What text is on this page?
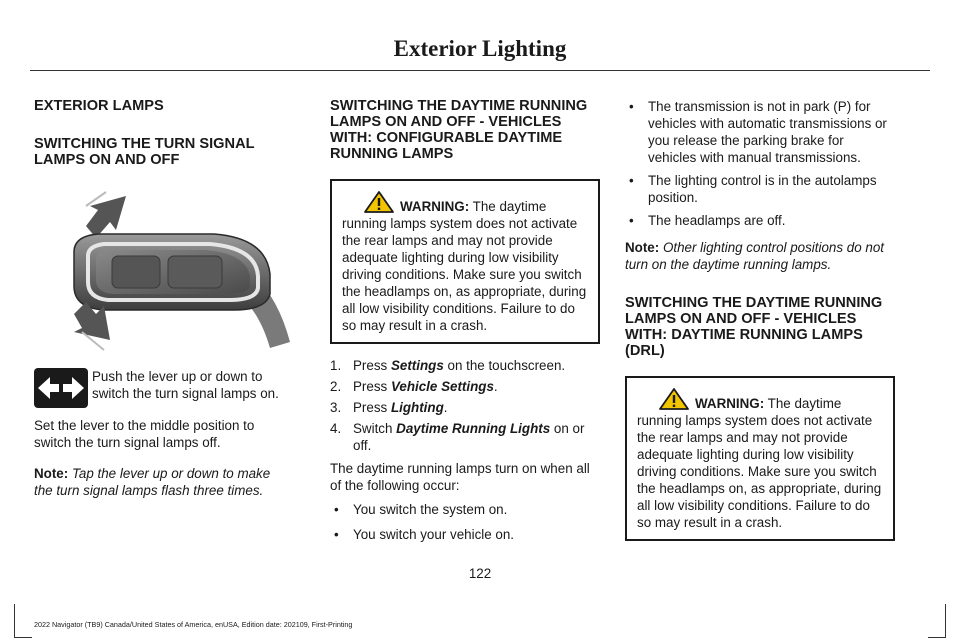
Exterior Lighting
EXTERIOR LAMPS
SWITCHING THE TURN SIGNAL LAMPS ON AND OFF

Push the lever up or down to switch the turn signal lamps on.

Set the lever to the middle position to switch the turn signal lamps off.

Note: Tap the lever up or down to make the turn signal lamps flash three times.

SWITCHING THE DAYTIME RUNNING LAMPS ON AND OFF - VEHICLES WITH: CONFIGURABLE DAYTIME RUNNING LAMPS
WARNING: The daytime running lamps system does not activate the rear lamps and may not provide adequate lighting during low visibility driving conditions. Make sure you switch the headlamps on, as appropriate, during all low visibility conditions. Failure to do so may result in a crash.
1. Press Settings on the touchscreen.
2. Press Vehicle Settings.
3. Press Lighting.
4. Switch Daytime Running Lights on or off.

The daytime running lamps turn on when all of the following occur:

• You switch the system on.
• You switch your vehicle on.
• The transmission is not in park (P) for vehicles with automatic transmissions or you release the parking brake for vehicles with manual transmissions.
• The lighting control is in the autolamps position.
• The headlamps are off.

Note: Other lighting control positions do not turn on the daytime running lamps.

SWITCHING THE DAYTIME RUNNING LAMPS ON AND OFF - VEHICLES WITH: DAYTIME RUNNING LAMPS (DRL)
WARNING: The daytime running lamps system does not activate the rear lamps and may not provide adequate lighting during low visibility driving conditions. Make sure you switch the headlamps on, as appropriate, during all low visibility conditions. Failure to do so may result in a crash.
122
2022 Navigator (TB9) Canada/United States of America, enUSA, Edition date: 202109, First-Printing
